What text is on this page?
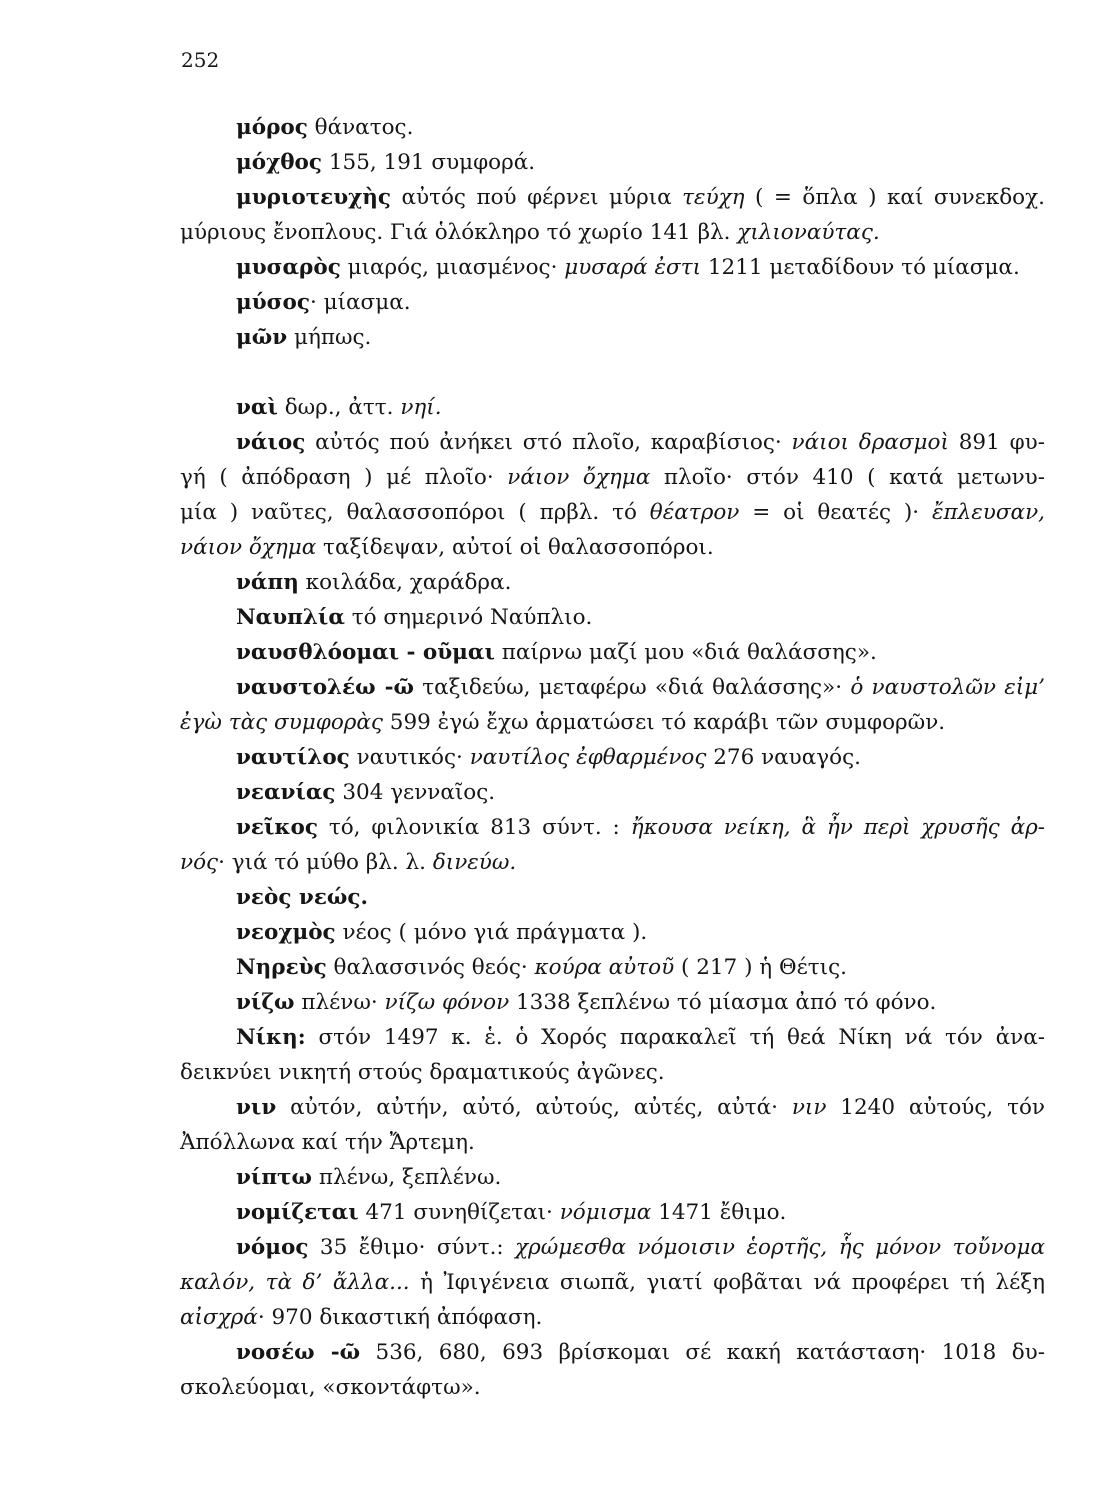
252
μόρος θάνατος.
μόχθος 155, 191 συμφορά.
μυριοτευχὴς αὐτός πού φέρνει μύρια τεύχη ( = ὅπλα ) καί συνεκδοχ.
μύριους ἔνοπλους. Γιά ὁλόκληρο τό χωρίο 141 βλ. χιλιοναύτας.
μυσαρὸς μιαρός, μιασμένος· μυσαρά ἐστι 1211 μεταδίδουν τό μίασμα.
μύσος· μίασμα.
μῶν μήπως.
ναὶ δωρ., ἀττ. νηί.
νάιος αὐτός πού ἀνήκει στό πλοῖο, καραβίσιος· νάιοι δρασμοὶ 891 φυ-
γή ( ἀπόδραση ) μέ πλοῖο· νάιον ὄχημα πλοῖο· στόν 410 ( κατά μετωνυ-
μία ) ναῦτες, θαλασσοπόροι ( πρβλ. τό θέατρον = οἱ θεατές )· ἔπλευσαν,
νάιον ὄχημα ταξίδεψαν, αὐτοί οἱ θαλασσοπόροι.
νάπη κοιλάδα, χαράδρα.
Ναυπλία τό σημερινό Ναύπλιο.
ναυσθλόομαι - οῦμαι παίρνω μαζί μου «διά θαλάσσης».
ναυστολέω -ῶ ταξιδεύω, μεταφέρω «διά θαλάσσης»· ὁ ναυστολῶν εἰμ’
ἐγὼ τὰς συμφορὰς 599 ἐγώ ἔχω ἁρματώσει τό καράβι τῶν συμφορῶν.
ναυτίλος ναυτικός· ναυτίλος ἐφθαρμένος 276 ναυαγός.
νεανίας 304 γενναῖος.
νεῖκος τό, φιλονικία 813 σύντ. : ἤκουσα νείκη, ἃ ἦν περὶ χρυσῆς ἀρ-
νός· γιά τό μύθο βλ. λ. δινεύω.
νεὸς νεώς.
νεοχμὸς νέος ( μόνο γιά πράγματα ).
Νηρεὺς θαλασσινός θεός· κούρα αὐτοῦ ( 217 ) ἡ Θέτις.
νίζω πλένω· νίζω φόνον 1338 ξεπλένω τό μίασμα ἀπό τό φόνο.
Νίκη: στόν 1497 κ. ἑ. ὁ Χορός παρακαλεῖ τή θεά Νίκη νά τόν ἀνα-
δεικνύει νικητή στούς δραματικούς ἀγῶνες.
νιν αὐτόν, αὐτήν, αὐτό, αὐτούς, αὐτές, αὐτά· νιν 1240 αὐτούς, τόν
Ἀπόλλωνα καί τήν Ἄρτεμη.
νίπτω πλένω, ξεπλένω.
νομίζεται 471 συνηθίζεται· νόμισμα 1471 ἔθιμο.
νόμος 35 ἔθιμο· σύντ.: χρώμεσθα νόμοισιν ἑορτῆς, ἧς μόνον τοὔνομα
καλόν, τὰ δ’ ἄλλα... ἡ Ἰφιγένεια σιωπᾶ, γιατί φοβᾶται νά προφέρει τή λέξη
αἰσχρά· 970 δικαστική ἀπόφαση.
νοσέω -ῶ 536, 680, 693 βρίσκομαι σέ κακή κατάσταση· 1018 δυ-
σκολεύομαι, «σκοντάφτω».
